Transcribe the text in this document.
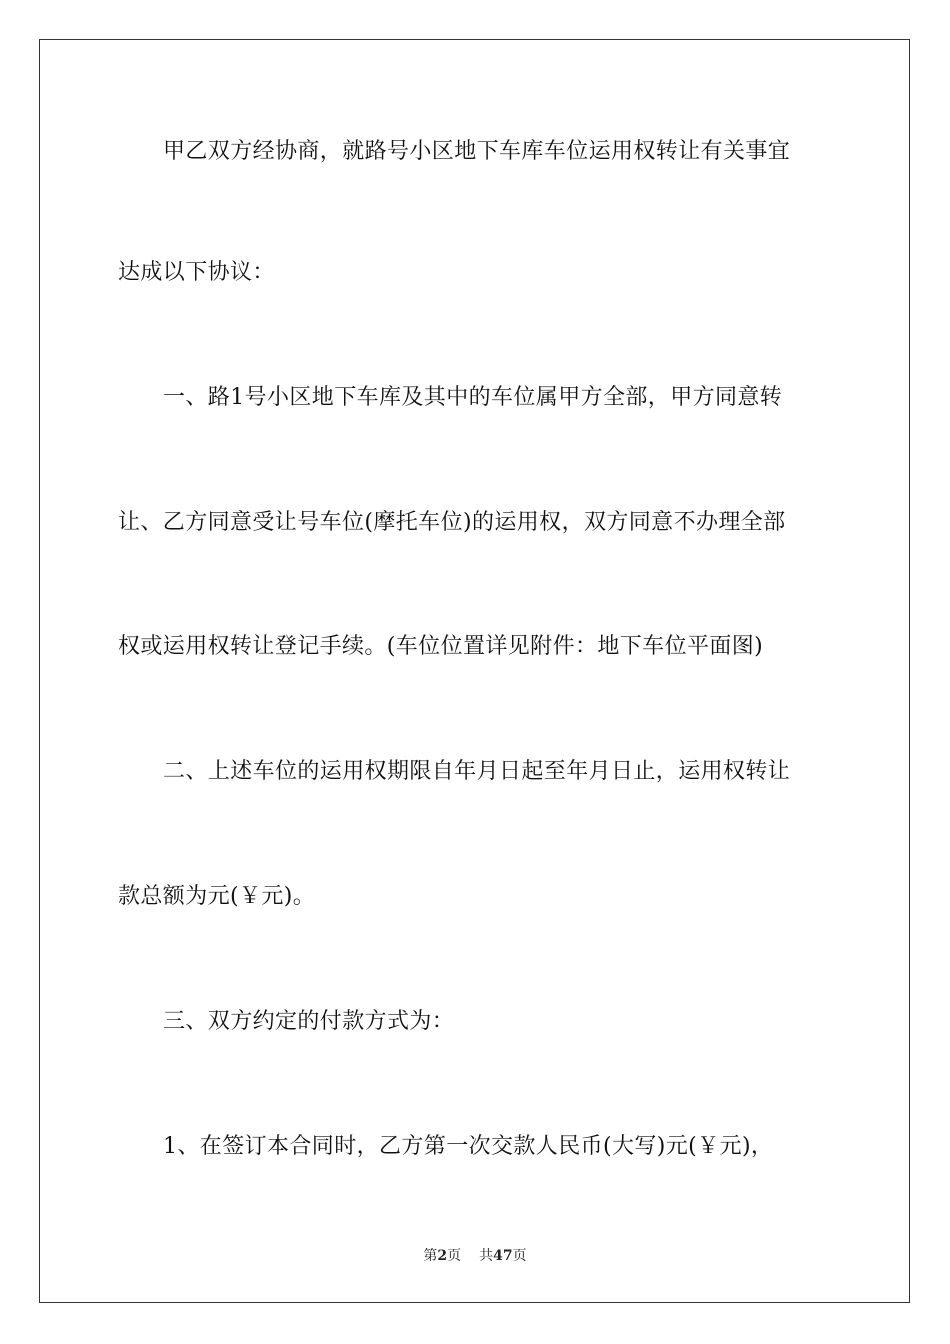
甲乙双方经协商，就路号小区地下车库车位运用权转让有关事宜
达成以下协议：
一、路1号小区地下车库及其中的车位属甲方全部，甲方同意转
让、乙方同意受让号车位(摩托车位)的运用权，双方同意不办理全部
权或运用权转让登记手续。(车位位置详见附件：地下车位平面图)
二、上述车位的运用权期限自年月日起至年月日止，运用权转让
款总额为元(￥元)。
三、双方约定的付款方式为：
1、在签订本合同时，乙方第一次交款人民币(大写)元(￥元)，
第2页 共47页
